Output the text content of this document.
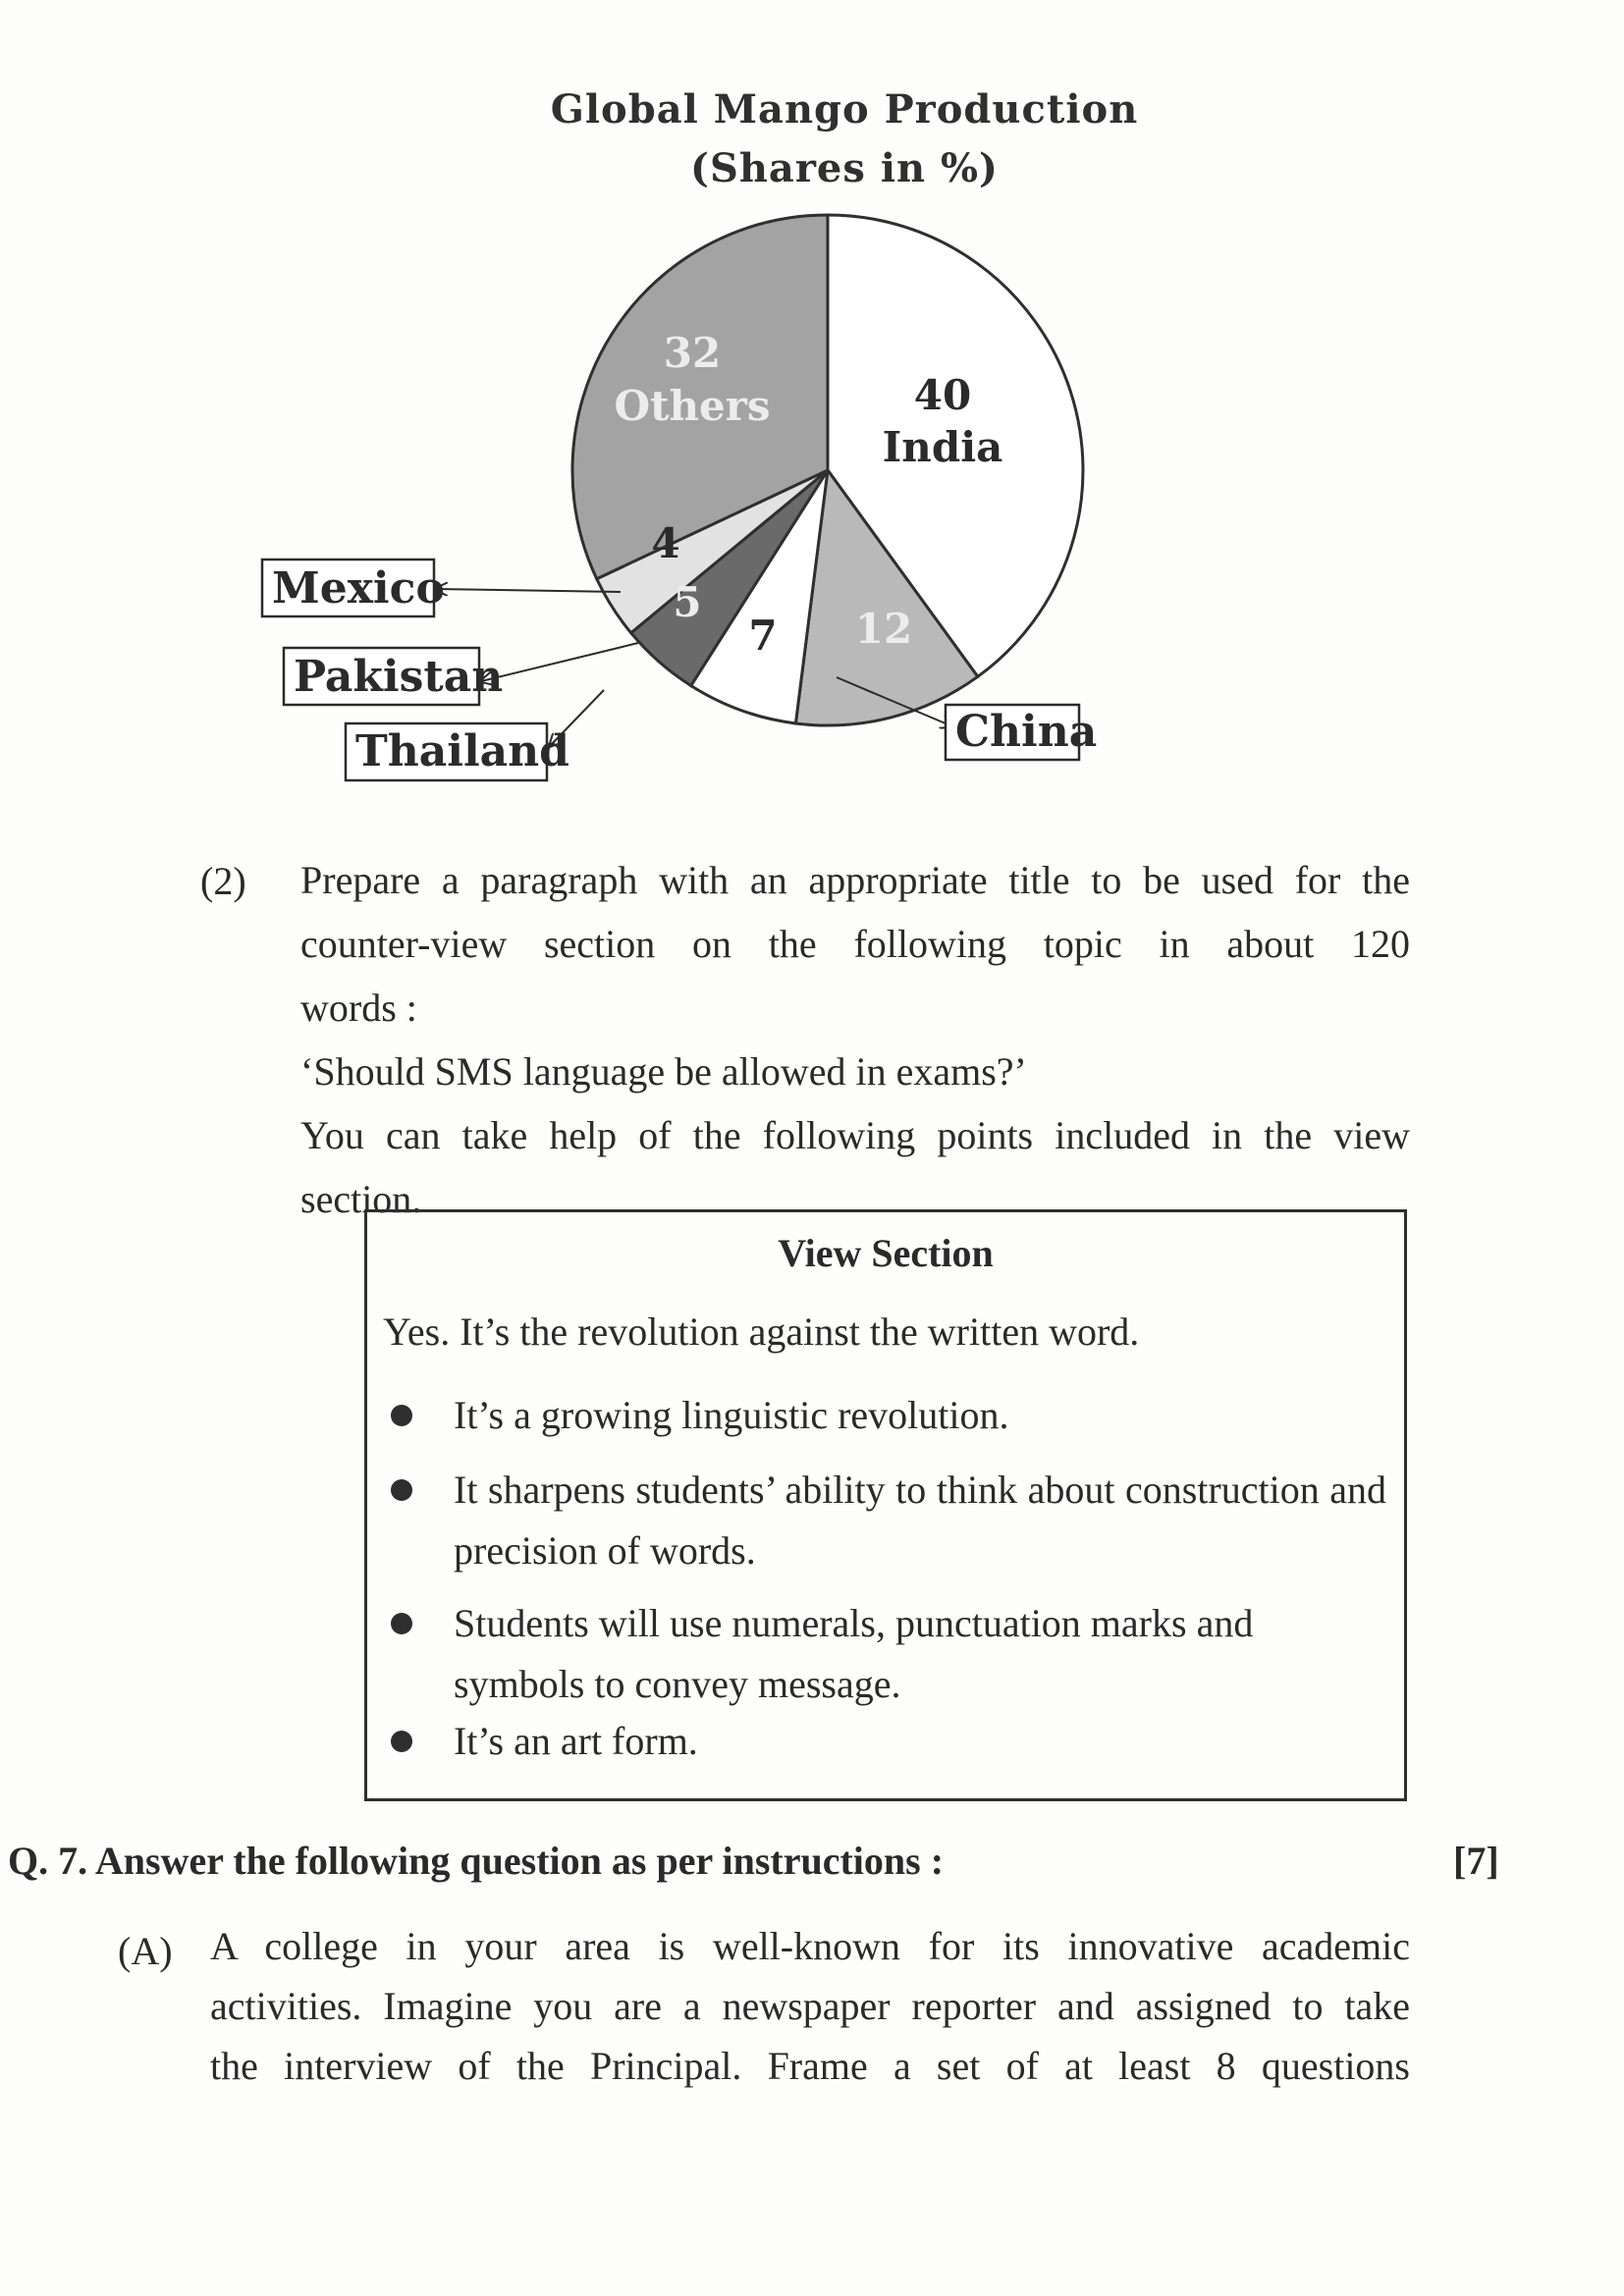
Global Mango Production
(Shares in %)
40
India
12
7
5
4
32
Others
China
Thailand
Pakistan
Mexico
(2) Prepare a paragraph with an appropriate title to be used for the
counter-view section on the following topic in about 120
words :
‘Should SMS language be allowed in exams?’
You can take help of the following points included in the view
section.
View Section
Yes. It’s the revolution against the written word.
It’s a growing linguistic revolution.
It sharpens students’ ability to think about construction and precision of words.
Students will use numerals, punctuation marks and symbols to convey message.
It’s an art form.
Q. 7. Answer the following question as per instructions :	[7]
(A) A college in your area is well-known for its innovative academic
activities. Imagine you are a newspaper reporter and assigned to take
the interview of the Principal. Frame a set of at least 8 questions
